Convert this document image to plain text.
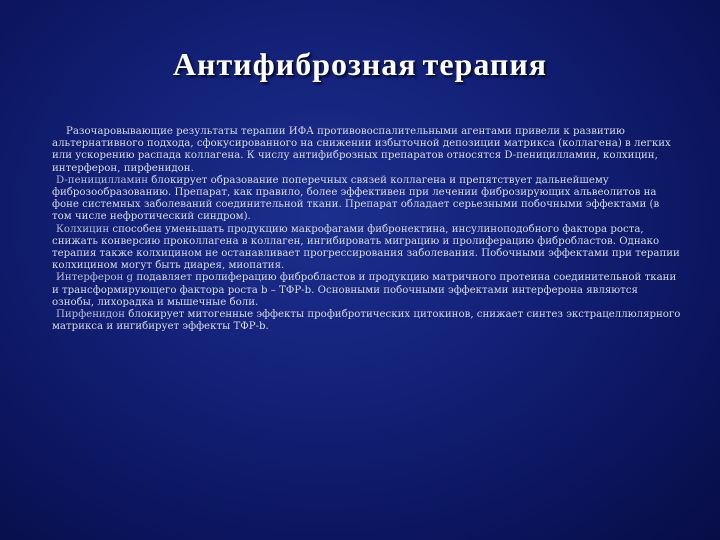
Антифиброзная терапия

Разочаровывающие результаты терапии ИФА противовоспалительными агентами привели к развитию альтернативного подхода, сфокусированного на снижении избыточной депозиции матрикса (коллагена) в легких или ускорению распада коллагена. К числу антифиброзных препаратов относятся D-пеницилламин, колхицин, интерферон, пирфенидон.

D-пеницилламин блокирует образование поперечных связей коллагена и препятствует дальнейшему фиброзообразованию. Препарат, как правило, более эффективен при лечении фиброзирующих альвеолитов на фоне системных заболеваний соединительной ткани. Препарат обладает серьезными побочными эффектами (в том числе нефротический синдром).

Колхицин способен уменьшать продукцию макрофагами фибронектина, инсулиноподобного фактора роста, снижать конверсию проколлагена в коллаген, ингибировать миграцию и пролиферацию фибробластов. Однако терапия также колхицином не останавливает прогрессирования заболевания. Побочными эффектами при терапии колхицином могут быть диарея, миопатия.

Интерферон g подавляет пролиферацию фибробластов и продукцию матричного протеина соединительной ткани и трансформирующего фактора роста b – ТФР-b. Основными побочными эффектами интерферона являются ознобы, лихорадка и мышечные боли.

Пирфенидон блокирует митогенные эффекты профибротических цитокинов, снижает синтез экстрацеллюлярного матрикса и ингибирует эффекты ТФР-b.
